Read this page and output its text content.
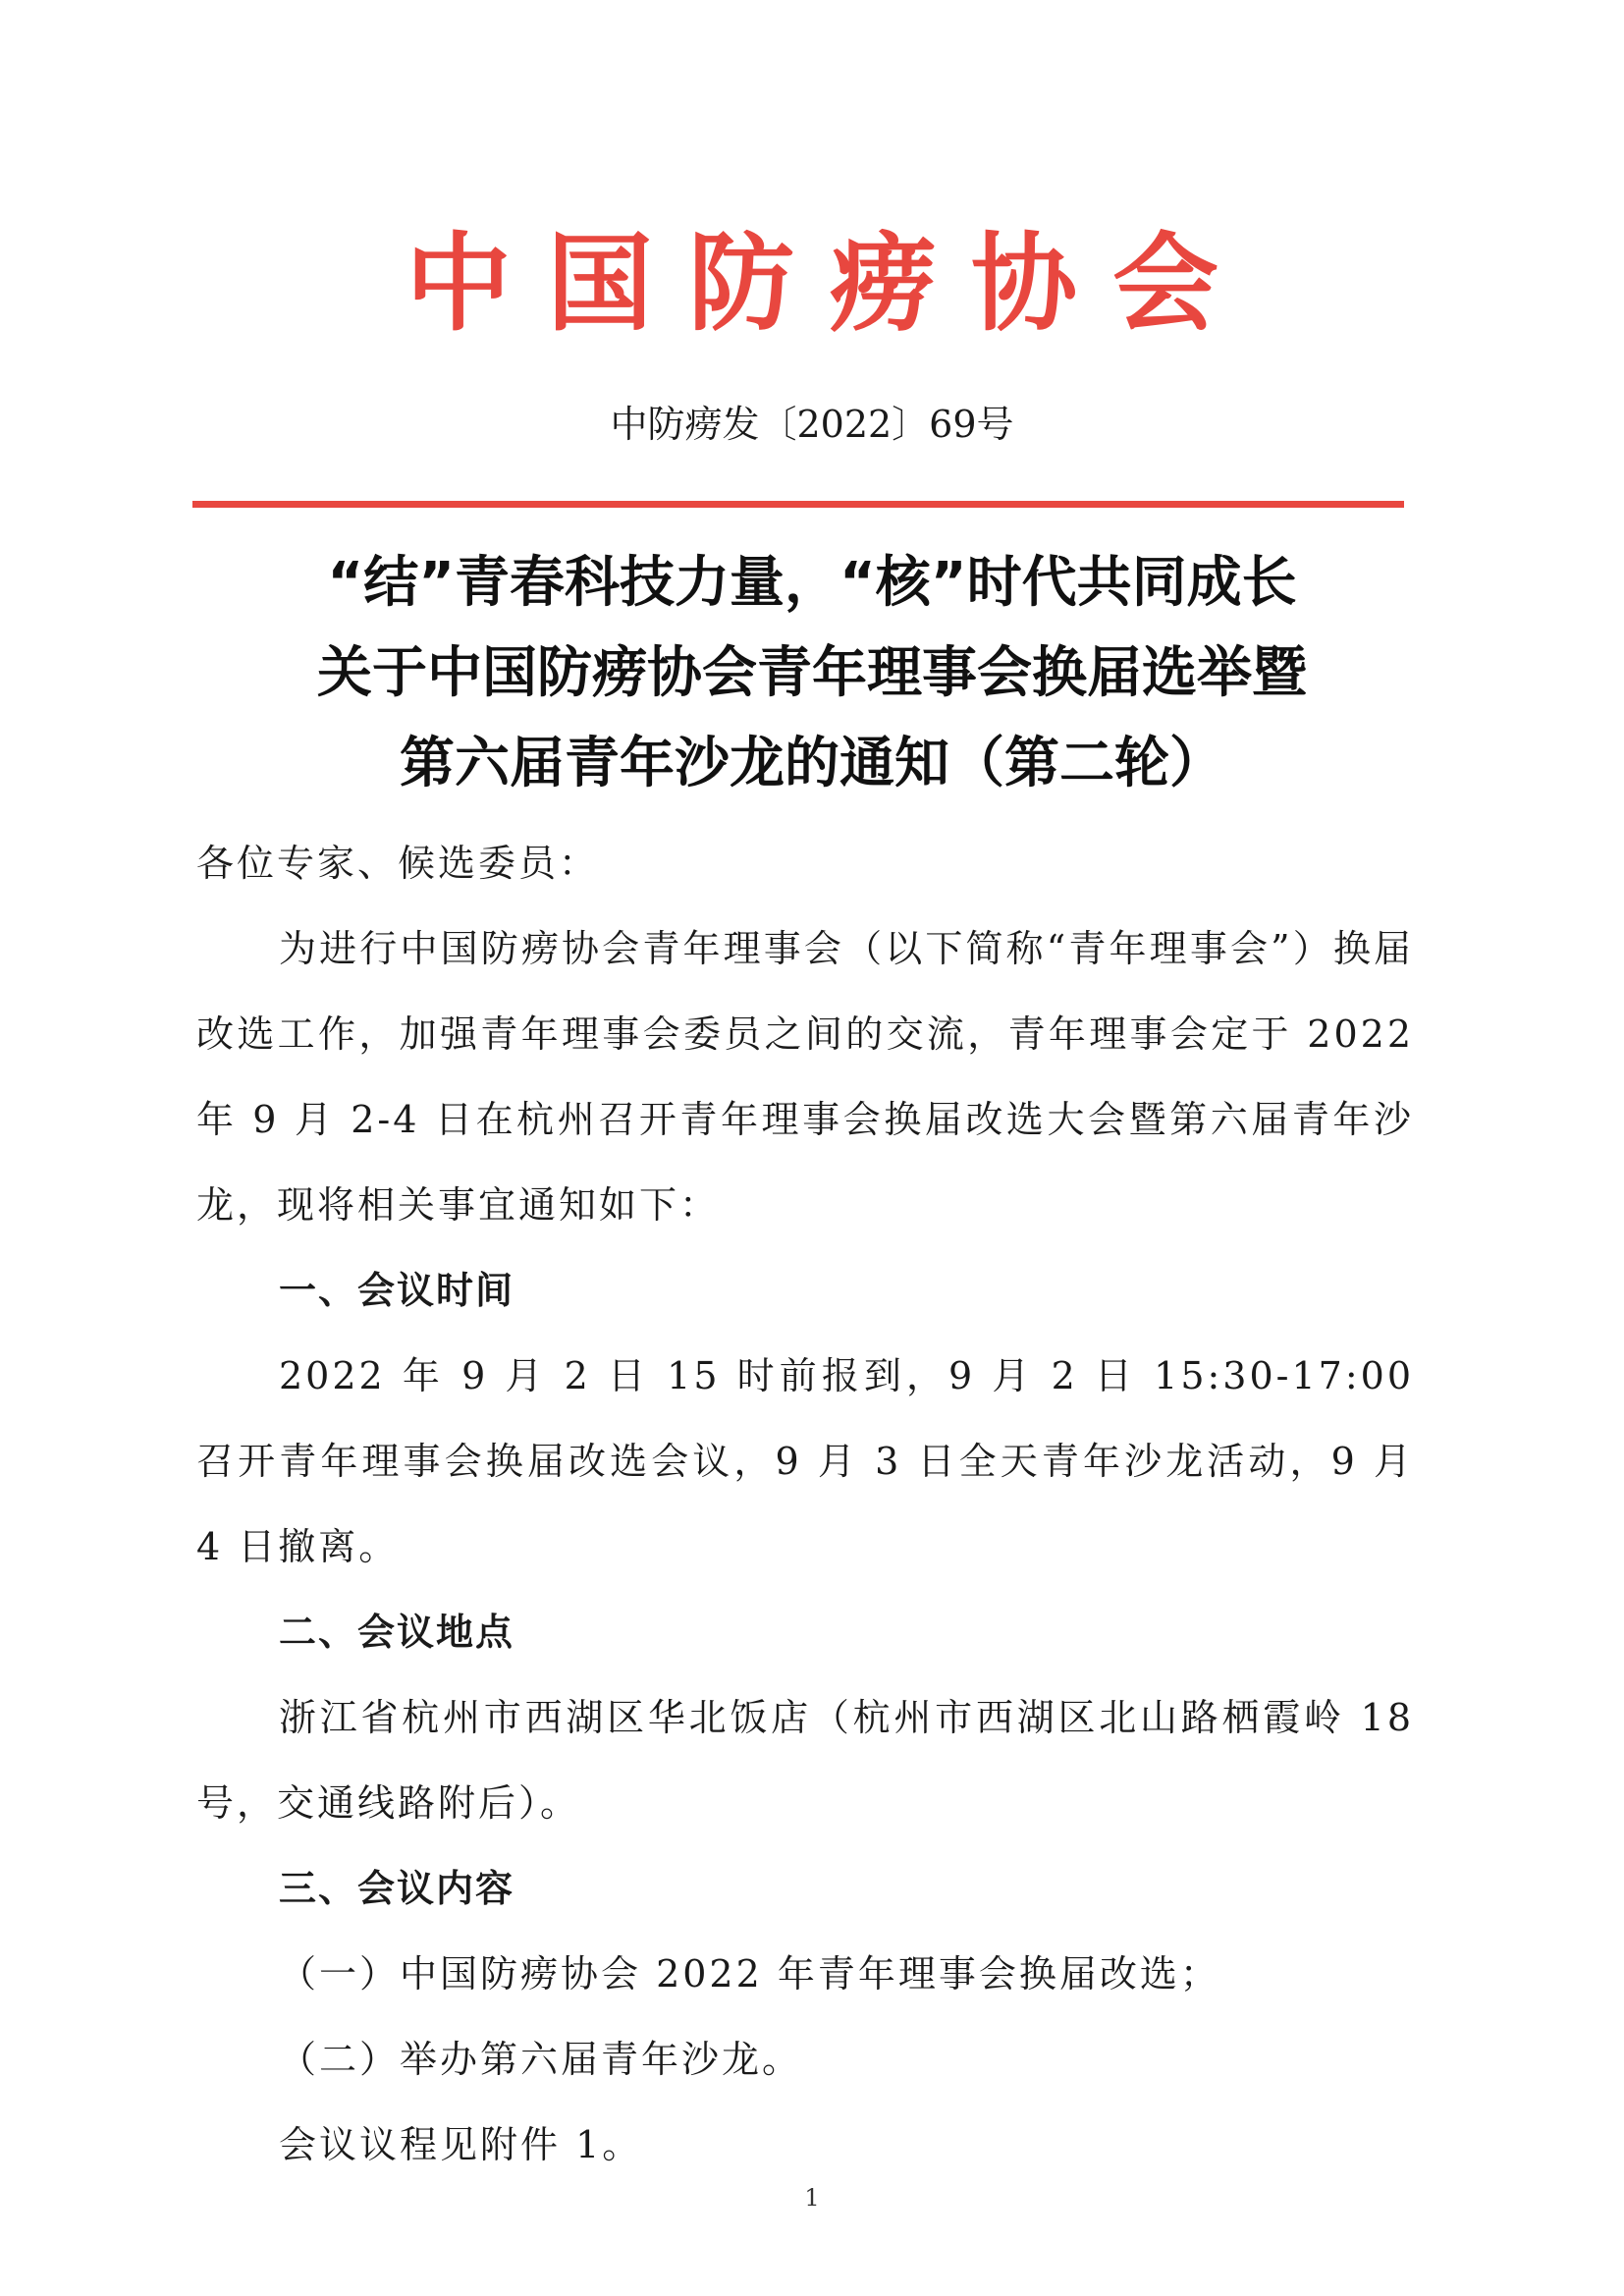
中国防痨协会
中防痨发〔2022〕69号
“结”青春科技力量，“核”时代共同成长
关于中国防痨协会青年理事会换届选举暨
第六届青年沙龙的通知（第二轮）

各位专家、候选委员：

为进行中国防痨协会青年理事会（以下简称“青年理事会”）换届改选工作，加强青年理事会委员之间的交流，青年理事会定于 2022 年 9 月 2-4 日在杭州召开青年理事会换届改选大会暨第六届青年沙龙，现将相关事宜通知如下：

一、会议时间

2022 年 9 月 2 日 15 时前报到，9 月 2 日 15:30-17:00 召开青年理事会换届改选会议，9 月 3 日全天青年沙龙活动，9 月 4 日撤离。

二、会议地点

浙江省杭州市西湖区华北饭店（杭州市西湖区北山路栖霞岭 18 号，交通线路附后）。

三、会议内容

（一）中国防痨协会 2022 年青年理事会换届改选；

（二）举办第六届青年沙龙。

会议议程见附件 1。

1
